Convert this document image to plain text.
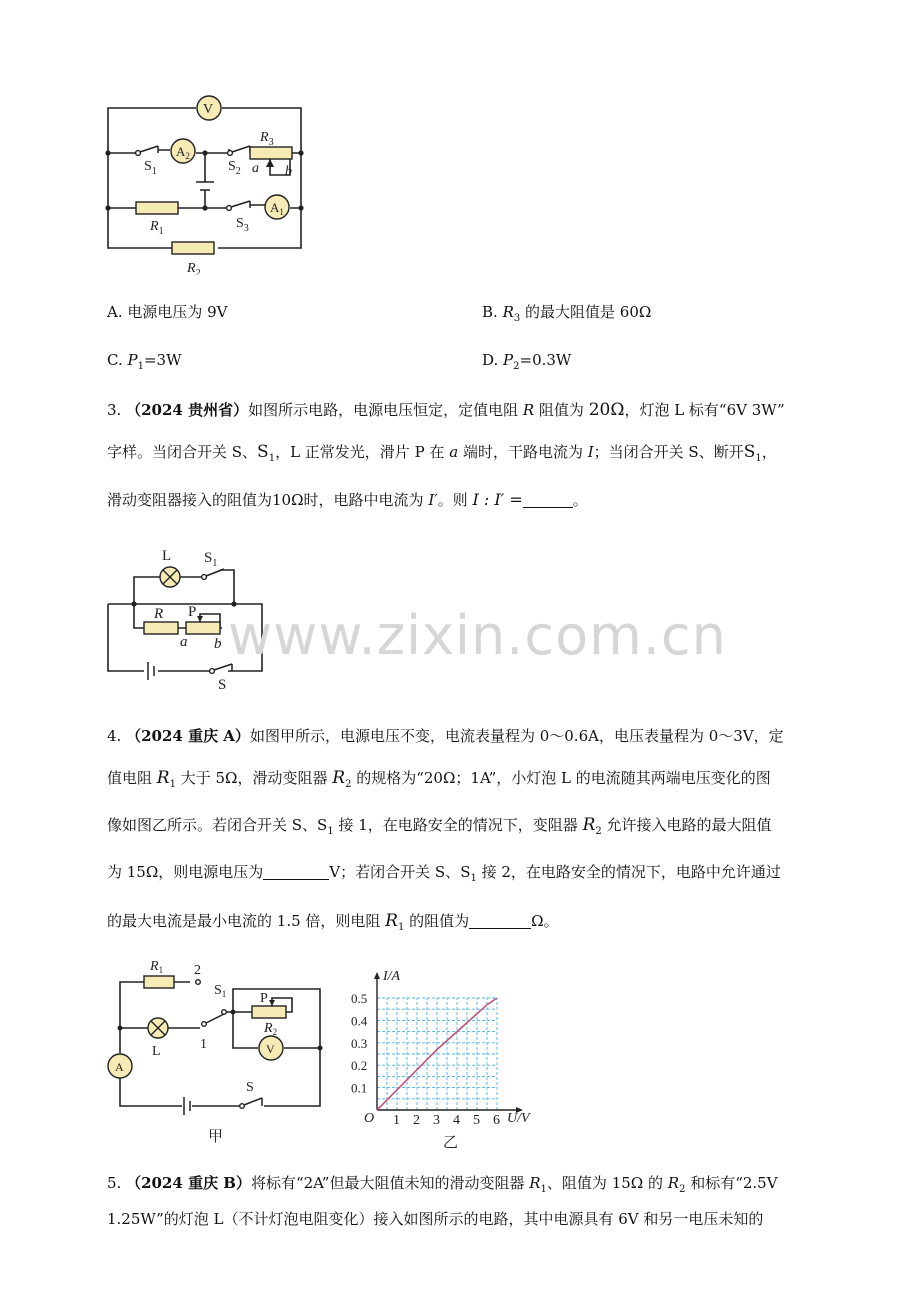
V
$A_2$
$A_1$
$S_1$	$S_2$
$S_3$
$R_1$
$R_2$
$R_3$
a b
A. 电源电压为 9V	B. $R_3$ 的最大阻值是 60Ω
C. $P_1=3W$	D. $P_2=0.3W$
3. （2024 贵州省）如图所示电路，电源电压恒定，定值电阻 R 阻值为 20Ω，灯泡 L 标有“6V 3W”
字样。当闭合开关 S、$S_1$，L 正常发光，滑片 P 在 a 端时，干路电流为 I；当闭合开关 S、断开$S_1$，
滑动变阻器接入的阻值为10Ω时，电路中电流为 I′。则 I : I′ =	。
L $S_1$
R P
a b
S
www.zixin.com.cn
4. （2024 重庆 A）如图甲所示，电源电压不变，电流表量程为 0～0.6A，电压表量程为 0～3V，定
值电阻 $R_1$ 大于 5Ω，滑动变阻器 $R_2$ 的规格为“20Ω；1A”，小灯泡 L 的电流随其两端电压变化的图
像如图乙所示。若闭合开关 S、$S_1$ 接 1，在电路安全的情况下，变阻器 $R_2$ 允许接入电路的最大阻值
为 15Ω，则电源电压为	V；若闭合开关 S、$S_1$ 接 2，在电路安全的情况下，电路中允许通过
的最大电流是最小电流的 1.5 倍，则电阻 $R_1$ 的阻值为	Ω。
$R_1$ 2
$S_1$ P
$R_2$
L	1	V
A
S
甲
1 2 3 4 5 6
0.1
0.2
0.3
0.4
0.5
I/A
U/V
O
乙
5. （2024 重庆 B）将标有“2A”但最大阻值未知的滑动变阻器 $R_1$、阻值为 15Ω 的 $R_2$ 和标有“2.5V
1.25W”的灯泡 L（不计灯泡电阻变化）接入如图所示的电路，其中电源具有 6V 和另一电压未知的
